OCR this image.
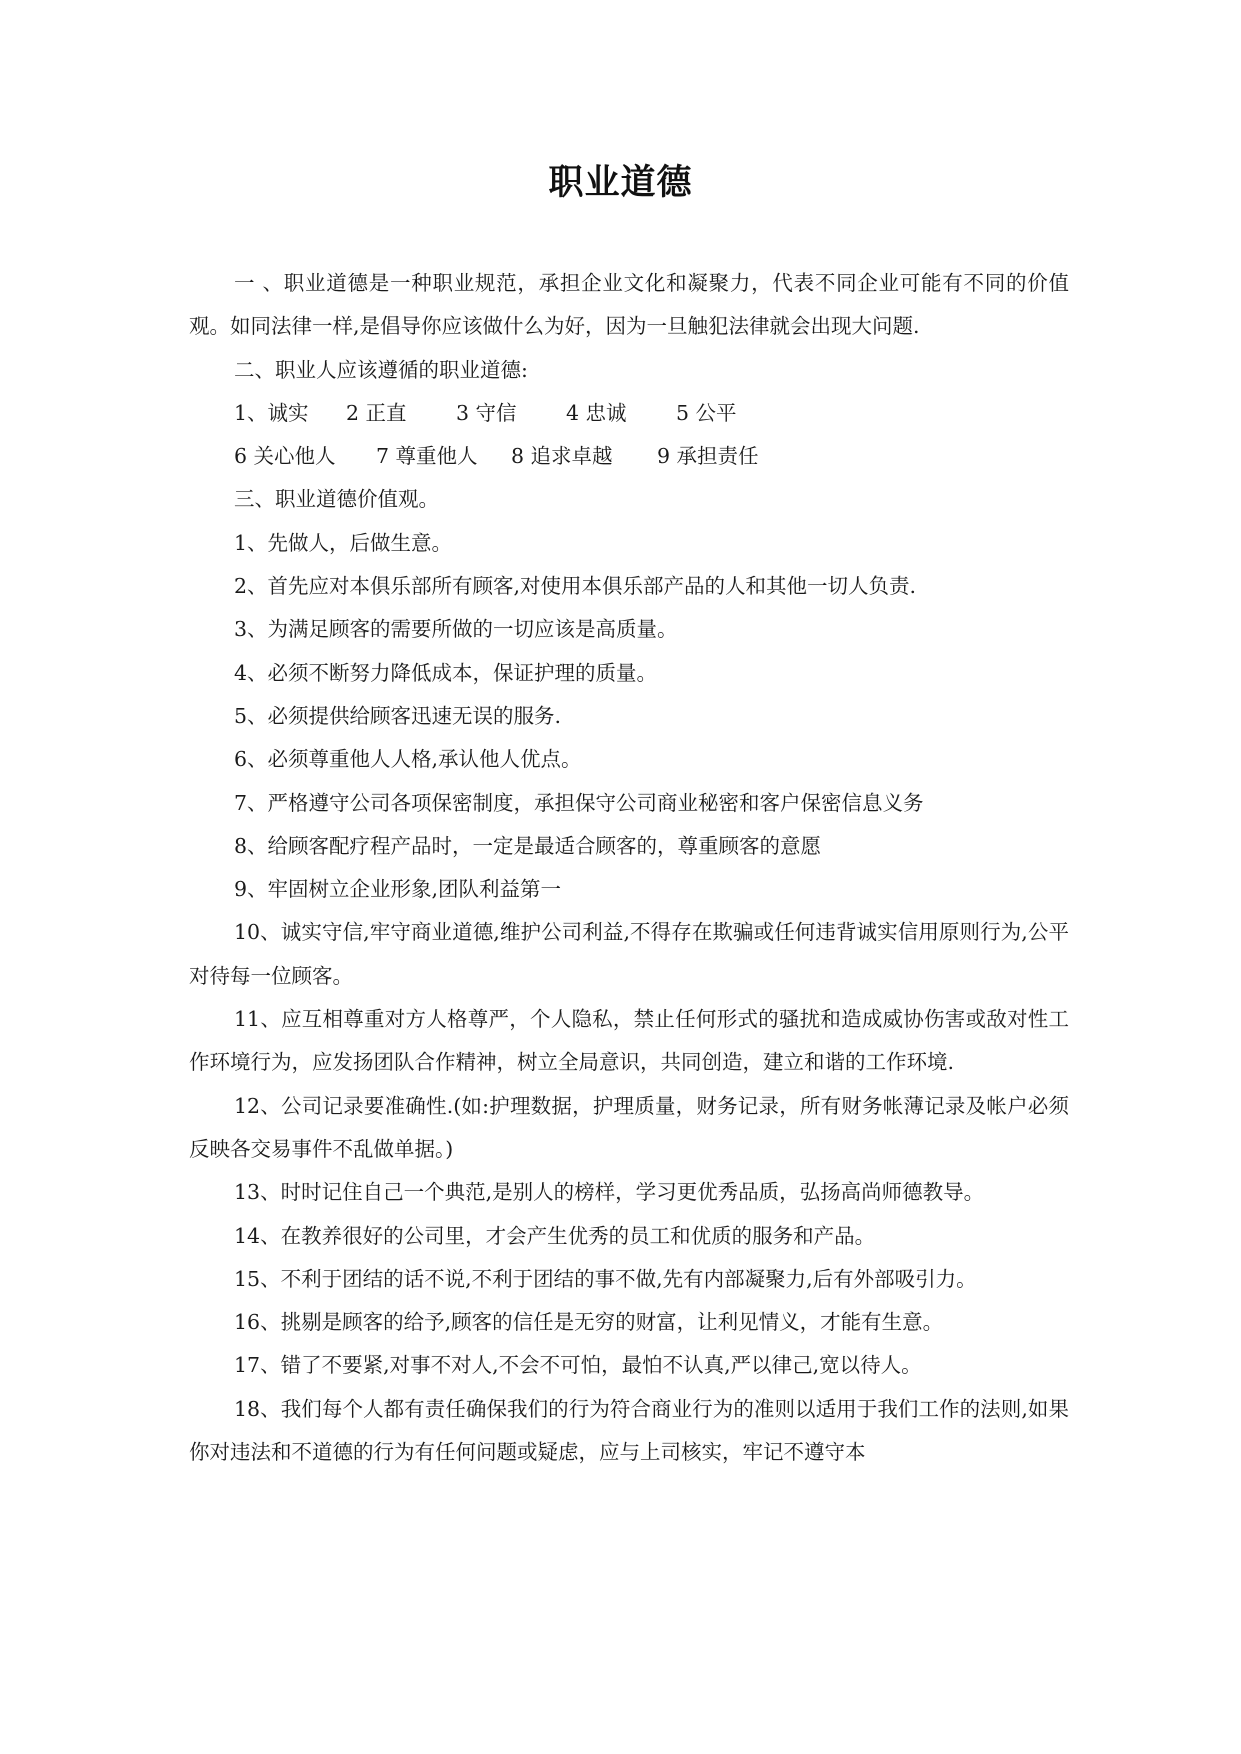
职业道德

一 、职业道德是一种职业规范，承担企业文化和凝聚力，代表不同企业可能有不同的价值观。如同法律一样,是倡导你应该做什么为好，因为一旦触犯法律就会出现大问题.

二、职业人应该遵循的职业道德:

1、诚实 2 正直 3 守信 4 忠诚 5 公平

6 关心他人 7 尊重他人 8 追求卓越 9 承担责任

三、职业道德价值观。

1、先做人，后做生意。

2、首先应对本俱乐部所有顾客,对使用本俱乐部产品的人和其他一切人负责.

3、为满足顾客的需要所做的一切应该是高质量。

4、必须不断努力降低成本，保证护理的质量。

5、必须提供给顾客迅速无误的服务.

6、必须尊重他人人格,承认他人优点。

7、严格遵守公司各项保密制度，承担保守公司商业秘密和客户保密信息义务

8、给顾客配疗程产品时，一定是最适合顾客的，尊重顾客的意愿

9、牢固树立企业形象,团队利益第一

10、诚实守信,牢守商业道德,维护公司利益,不得存在欺骗或任何违背诚实信用原则行为,公平对待每一位顾客。

11、应互相尊重对方人格尊严，个人隐私，禁止任何形式的骚扰和造成威协伤害或敌对性工作环境行为，应发扬团队合作精神，树立全局意识，共同创造，建立和谐的工作环境.

12、公司记录要准确性.(如:护理数据，护理质量，财务记录，所有财务帐薄记录及帐户必须反映各交易事件不乱做单据。)

13、时时记住自己一个典范,是别人的榜样，学习更优秀品质，弘扬高尚师德教导。

14、在教养很好的公司里，才会产生优秀的员工和优质的服务和产品。

15、不利于团结的话不说,不利于团结的事不做,先有内部凝聚力,后有外部吸引力。

16、挑剔是顾客的给予,顾客的信任是无穷的财富，让利见情义，才能有生意。

17、错了不要紧,对事不对人,不会不可怕，最怕不认真,严以律己,宽以待人。

18、我们每个人都有责任确保我们的行为符合商业行为的准则以适用于我们工作的法则,如果你对违法和不道德的行为有任何问题或疑虑，应与上司核实，牢记不遵守本
